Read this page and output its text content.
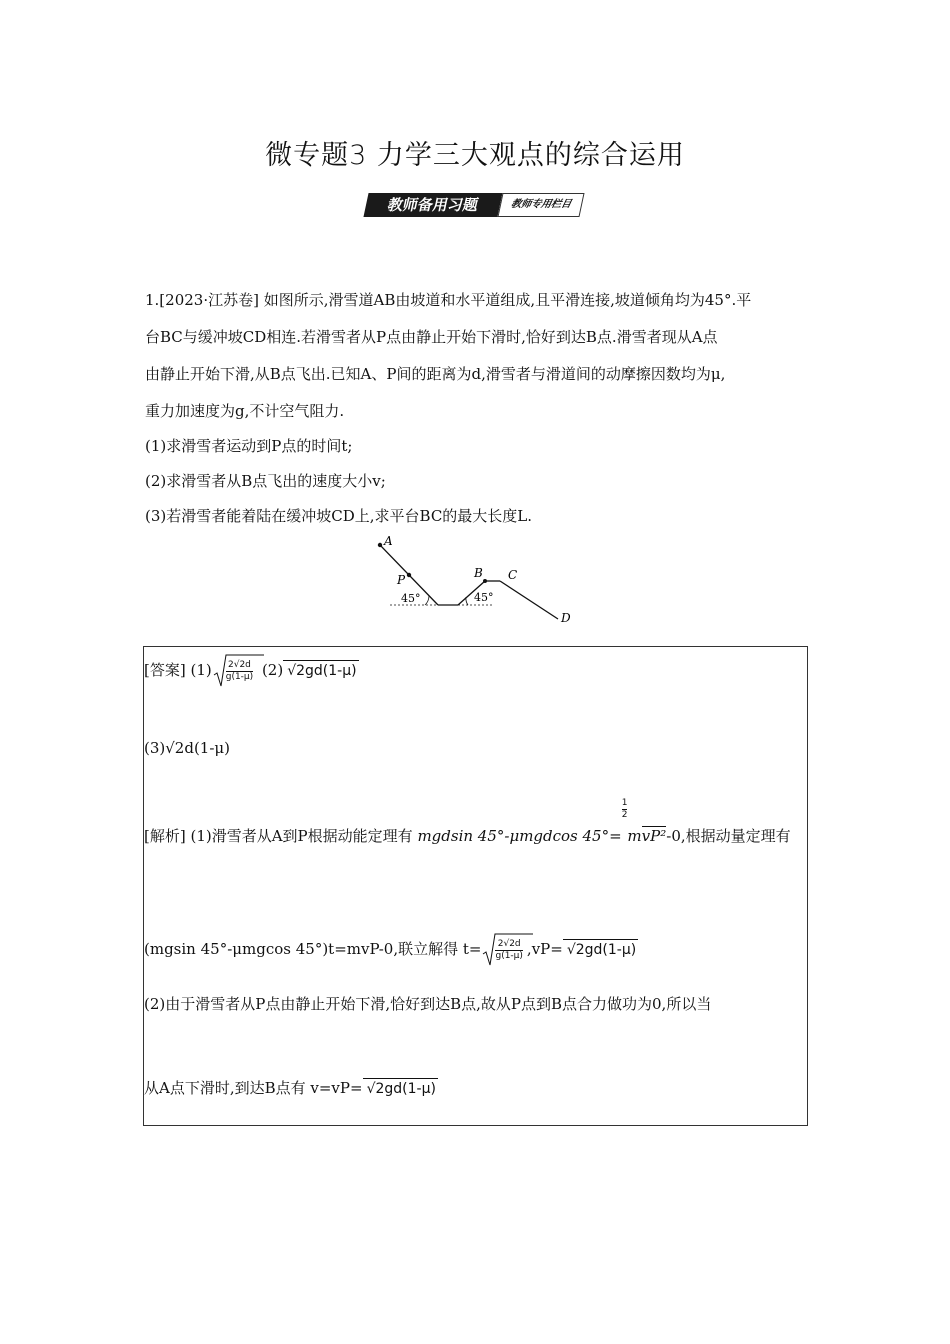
微专题3 力学三大观点的综合运用
教师备用习题	教师专用栏目
1.[2023·江苏卷] 如图所示,滑雪道AB由坡道和水平道组成,且平滑连接,坡道倾角均为45°.平
台BC与缓冲坡CD相连.若滑雪者从P点由静止开始下滑时,恰好到达B点.滑雪者现从A点
由静止开始下滑,从B点飞出.已知A、P间的距离为d,滑雪者与滑道间的动摩擦因数均为μ,
重力加速度为g,不计空气阻力.
(1)求滑雪者运动到P点的时间t;
(2)求滑雪者从B点飞出的速度大小v;
(3)若滑雪者能着陆在缓冲坡CD上,求平台BC的最大长度L.
A
P	B C
D
45°	45°
[答案] $(1) \frac{2√2d}{g(1-\mu)} (2)$ √2gd(1-μ)
(3)√2d(1-μ)
[解析] (1)滑雪者从A到P根据动能定理有 mgdsin 45°-μmgdcos 45°=
$\frac{1}{2}$
mvP²-0,根据动量定理有
(mgsin 45°-μmgcos 45°)t=mvP-0,联立解得 $t= \frac{2√2d}{g(1-\mu)} ,vP= √2gd(1-\mu)$
(2)由于滑雪者从P点由静止开始下滑,恰好到达B点,故从P点到B点合力做功为0,所以当
从A点下滑时,到达B点有 v=vP= √2gd(1-μ)
